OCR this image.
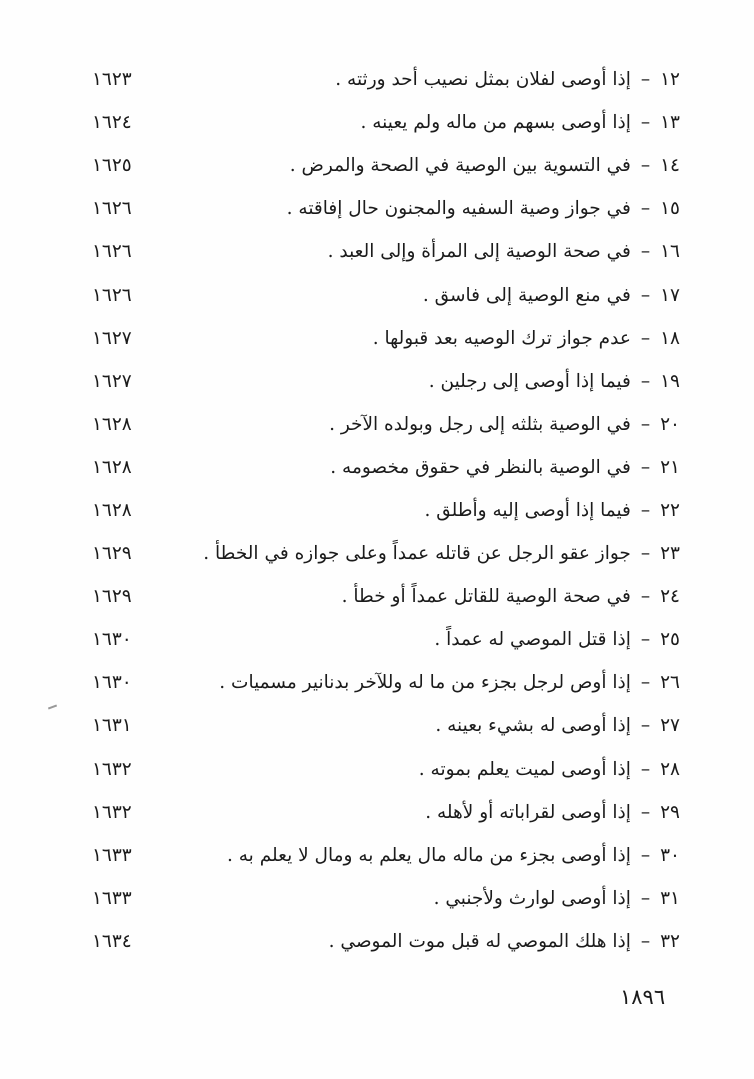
١٢
–
إذا أوصى لفلان بمثل نصيب أحد ورثته .
١٦٢٣
١٣
–
إذا أوصى بسهم من ماله ولم يعينه .
١٦٢٤
١٤
–
في التسوية بين الوصية في الصحة والمرض .
١٦٢٥
١٥
–
في جواز وصية السفيه والمجنون حال إفاقته .
١٦٢٦
١٦
–
في صحة الوصية إلى المرأة وإلى العبد .
١٦٢٦
١٧
–
في منع الوصية إلى فاسق .
١٦٢٦
١٨
–
عدم جواز ترك الوصيه بعد قبولها .
١٦٢٧
١٩
–
فيما إذا أوصى إلى رجلين .
١٦٢٧
٢٠
–
في الوصية بثلثه إلى رجل وبولده الآخر .
١٦٢٨
٢١
–
في الوصية بالنظر في حقوق مخصومه .
١٦٢٨
٢٢
–
فيما إذا أوصى إليه وأطلق .
١٦٢٨
٢٣
–
جواز عقو الرجل عن قاتله عمداً وعلى جوازه في الخطأ .
١٦٢٩
٢٤
–
في صحة الوصية للقاتل عمداً أو خطأ .
١٦٢٩
٢٥
–
إذا قتل الموصي له عمداً .
١٦٣٠
٢٦
–
إذا أوص لرجل بجزء من ما له وللآخر بدنانير مسميات .
١٦٣٠
٢٧
–
إذا أوصى له بشيء بعينه .
١٦٣١
٢٨
–
إذا أوصى لميت يعلم بموته .
١٦٣٢
٢٩
–
إذا أوصى لقراباته أو لأهله .
١٦٣٢
٣٠
–
إذا أوصى بجزء من ماله مال يعلم به ومال لا يعلم به .
١٦٣٣
٣١
–
إذا أوصى لوارث ولأجنبي .
١٦٣٣
٣٢
–
إذا هلك الموصي له قبل موت الموصي .
١٦٣٤
١٨٩٦
